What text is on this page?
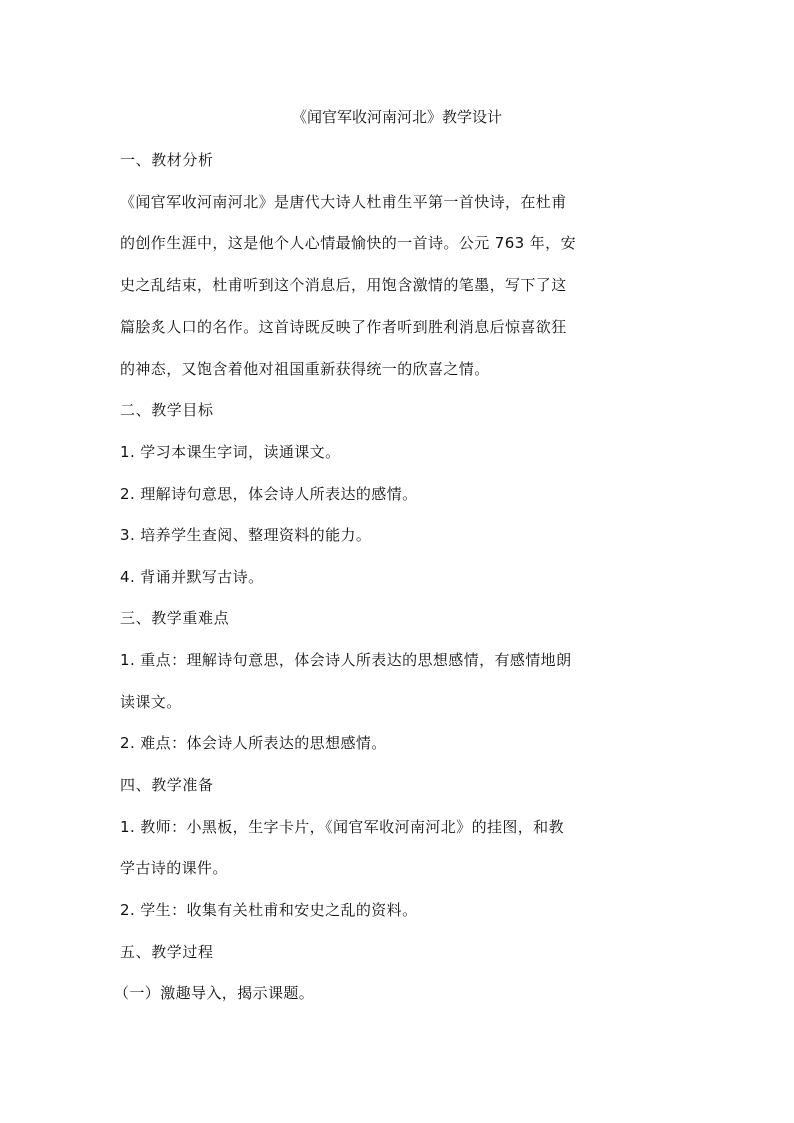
《闻官军收河南河北》教学设计
一、教材分析
《闻官军收河南河北》是唐代大诗人杜甫生平第一首快诗，在杜甫
的创作生涯中，这是他个人心情最愉快的一首诗。公元 763 年，安
史之乱结束，杜甫听到这个消息后，用饱含激情的笔墨，写下了这
篇脍炙人口的名作。这首诗既反映了作者听到胜利消息后惊喜欲狂
的神态，又饱含着他对祖国重新获得统一的欣喜之情。
二、教学目标
1. 学习本课生字词，读通课文。
2. 理解诗句意思，体会诗人所表达的感情。
3. 培养学生查阅、整理资料的能力。
4. 背诵并默写古诗。
三、教学重难点
1. 重点：理解诗句意思，体会诗人所表达的思想感情，有感情地朗
读课文。
2. 难点：体会诗人所表达的思想感情。
四、教学准备
1. 教师：小黑板，生字卡片，《闻官军收河南河北》的挂图，和教
学古诗的课件。
2. 学生：收集有关杜甫和安史之乱的资料。
五、教学过程
（一）激趣导入，揭示课题。
